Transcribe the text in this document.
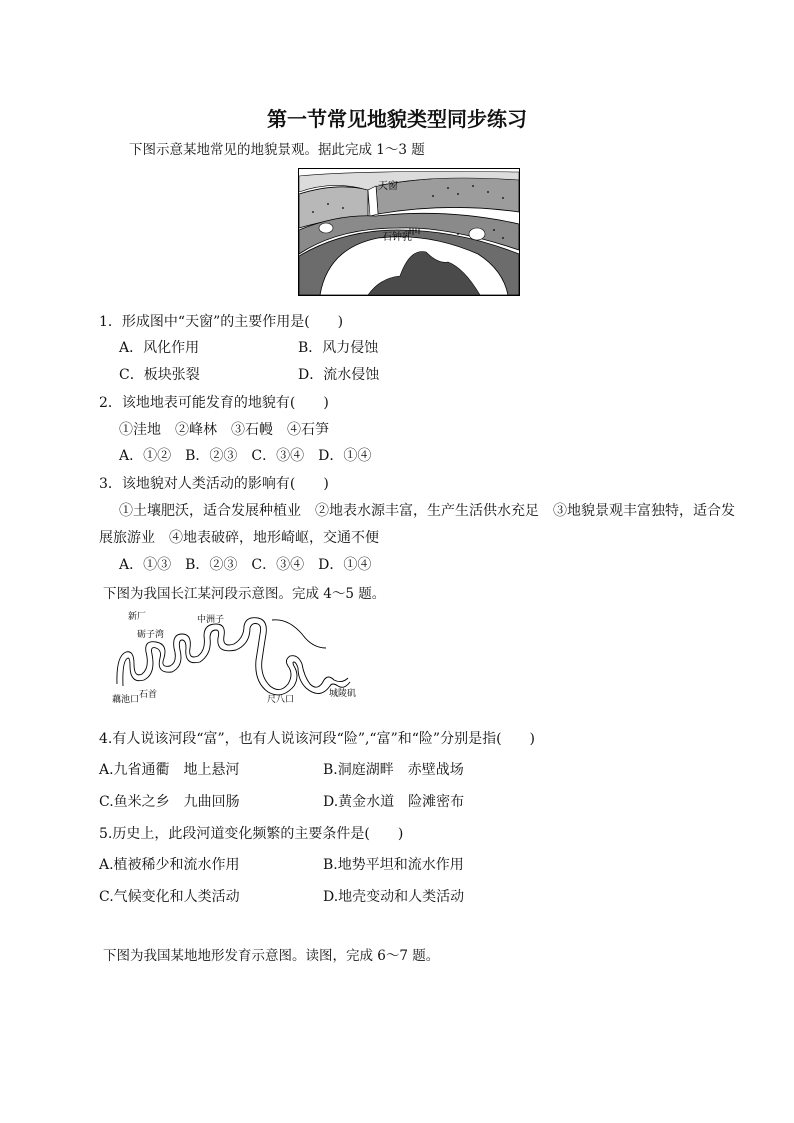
第一节常见地貌类型同步练习
下图示意某地常见的地貌景观。据此完成 1～3 题
天窗
石钟乳
1．形成图中“天窗”的主要作用是(　　)
A．风化作用	B．风力侵蚀
C．板块张裂	D．流水侵蚀
2．该地地表可能发育的地貌有(　　)
①洼地　②峰林　③石幔　④石笋
A．①②　B．②③　C．③④　D．①④
3．该地貌对人类活动的影响有(　　)
①土壤肥沃，适合发展种植业　②地表水源丰富，生产生活供水充足　③地貌景观丰富独特，适合发
展旅游业　④地表破碎，地形崎岖，交通不便
A．①③　B．②③　C．③④　D．①④
下图为我国长江某河段示意图。完成 4～5 题。
新厂
砺子湾
中洲子
藕池口 石首	尺八口
城陵矶
4.有人说该河段“富”，也有人说该河段“险”,“富”和“险”分别是指(　　)
A.九省通衢　地上悬河	B.洞庭湖畔　赤壁战场
C.鱼米之乡　九曲回肠	D.黄金水道　险滩密布
5.历史上，此段河道变化频繁的主要条件是(　　)
A.植被稀少和流水作用	B.地势平坦和流水作用
C.气候变化和人类活动	D.地壳变动和人类活动
下图为我国某地地形发育示意图。读图，完成 6～7 题。
